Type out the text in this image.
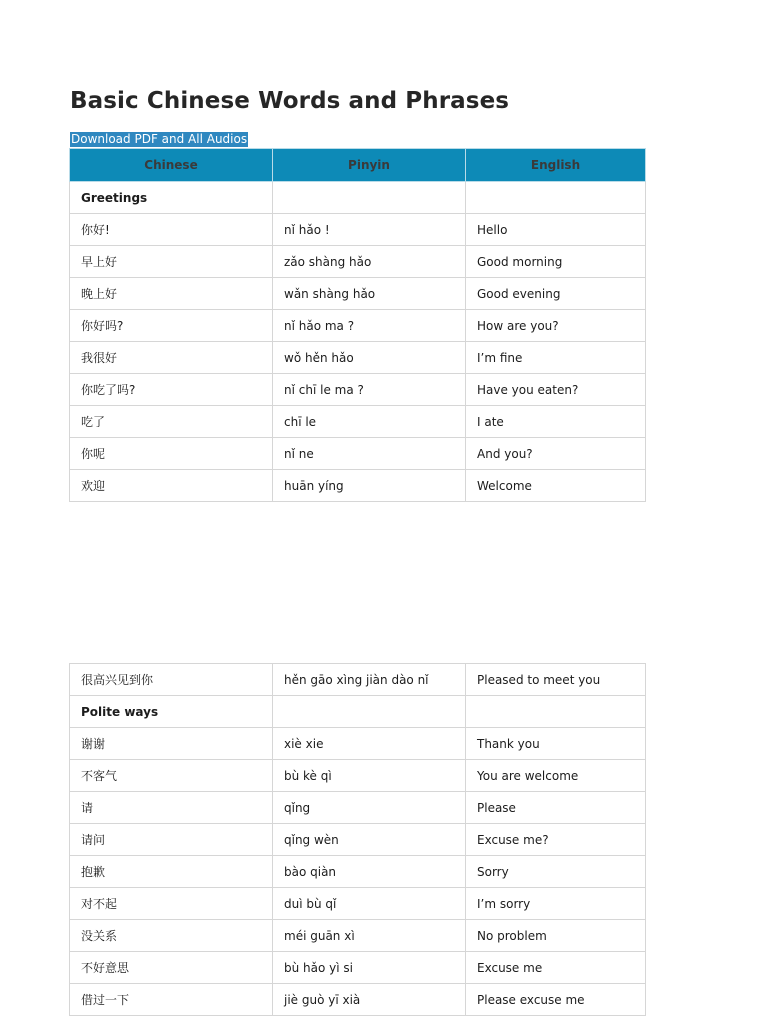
Basic Chinese Words and Phrases
Download PDF and All Audios
Chinese	Pinyin	English
Greetings		
你好!	nǐ hǎo !	Hello
早上好	zǎo shàng hǎo	Good morning
晚上好	wǎn shàng hǎo	Good evening
你好吗?	nǐ hǎo ma ?	How are you?
我很好	wǒ hěn hǎo	I’m fine
你吃了吗?	nǐ chī le ma ?	Have you eaten?
吃了	chī le	I ate
你呢	nǐ ne	And you?
欢迎	huān yíng	Welcome
很高兴见到你	hěn gāo xìng jiàn dào nǐ	Pleased to meet you
Polite ways		
谢谢	xiè xie	Thank you
不客气	bù kè qì	You are welcome
请	qǐng	Please
请问	qǐng wèn	Excuse me?
抱歉	bào qiàn	Sorry
对不起	duì bù qǐ	I’m sorry
没关系	méi guān xì	No problem
不好意思	bù hǎo yì si	Excuse me
借过一下	jiè guò yī xià	Please excuse me
